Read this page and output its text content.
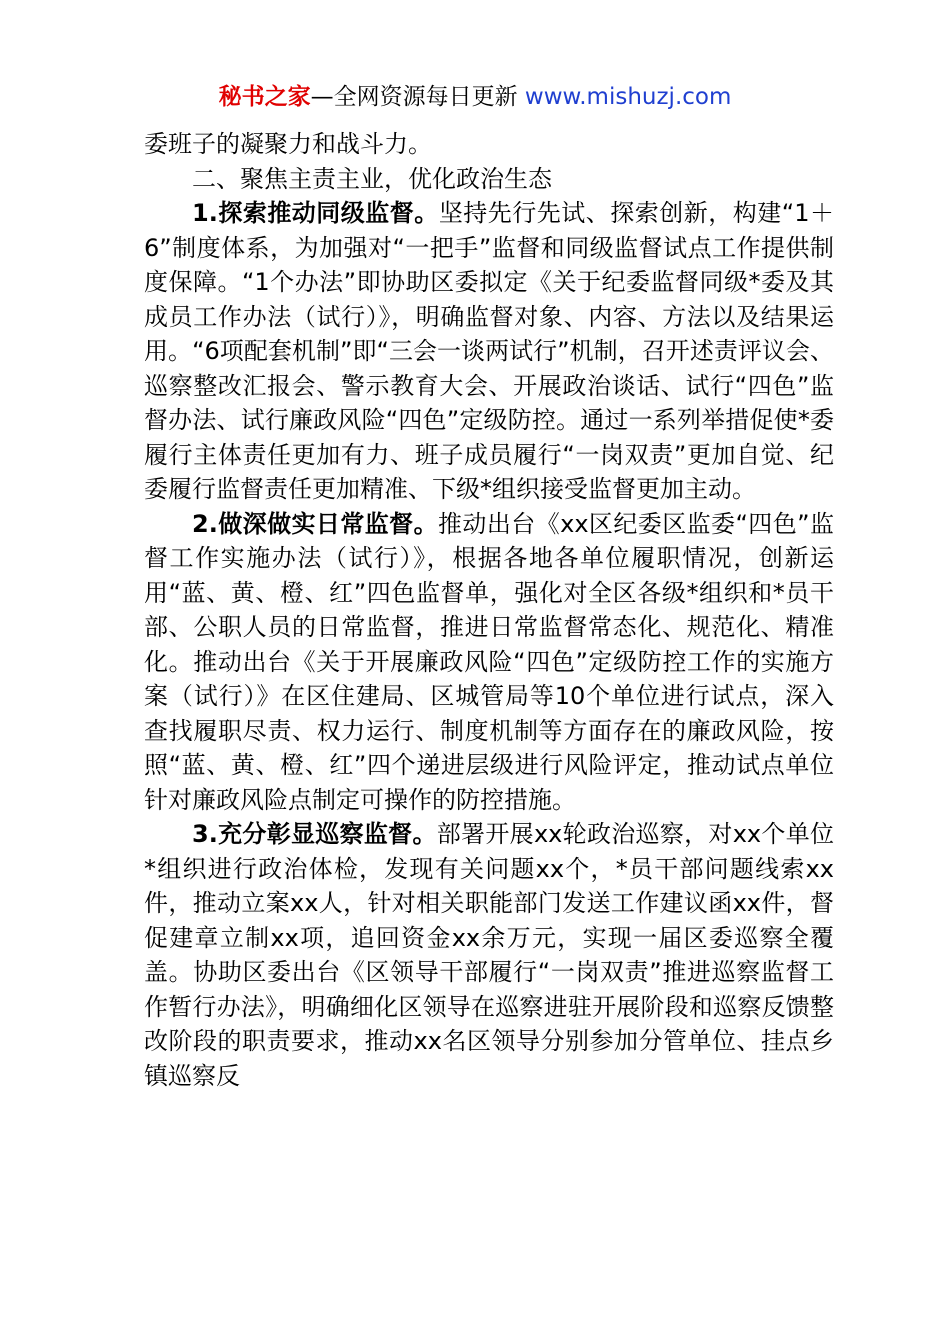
秘书之家—全网资源每日更新 www.mishuzj.com

委班子的凝聚力和战斗力。

二、聚焦主责主业，优化政治生态

1.探索推动同级监督。坚持先行先试、探索创新，构建“1＋6”制度体系，为加强对“一把手”监督和同级监督试点工作提供制度保障。“1个办法”即协助区委拟定《关于纪委监督同级*委及其成员工作办法（试行）》，明确监督对象、内容、方法以及结果运用。“6项配套机制”即“三会一谈两试行”机制，召开述责评议会、巡察整改汇报会、警示教育大会、开展政治谈话、试行“四色”监督办法、试行廉政风险“四色”定级防控。通过一系列举措促使*委履行主体责任更加有力、班子成员履行“一岗双责”更加自觉、纪委履行监督责任更加精准、下级*组织接受监督更加主动。

2.做深做实日常监督。推动出台《xx区纪委区监委“四色”监督工作实施办法（试行）》，根据各地各单位履职情况，创新运用“蓝、黄、橙、红”四色监督单，强化对全区各级*组织和*员干部、公职人员的日常监督，推进日常监督常态化、规范化、精准化。推动出台《关于开展廉政风险“四色”定级防控工作的实施方案（试行）》在区住建局、区城管局等10个单位进行试点，深入查找履职尽责、权力运行、制度机制等方面存在的廉政风险，按照“蓝、黄、橙、红”四个递进层级进行风险评定，推动试点单位针对廉政风险点制定可操作的防控措施。

3.充分彰显巡察监督。部署开展xx轮政治巡察，对xx个单位*组织进行政治体检，发现有关问题xx个，*员干部问题线索xx件，推动立案xx人，针对相关职能部门发送工作建议函xx件，督促建章立制xx项，追回资金xx余万元，实现一届区委巡察全覆盖。协助区委出台《区领导干部履行“一岗双责”推进巡察监督工作暂行办法》，明确细化区领导在巡察进驻开展阶段和巡察反馈整改阶段的职责要求，推动xx名区领导分别参加分管单位、挂点乡镇巡察反
